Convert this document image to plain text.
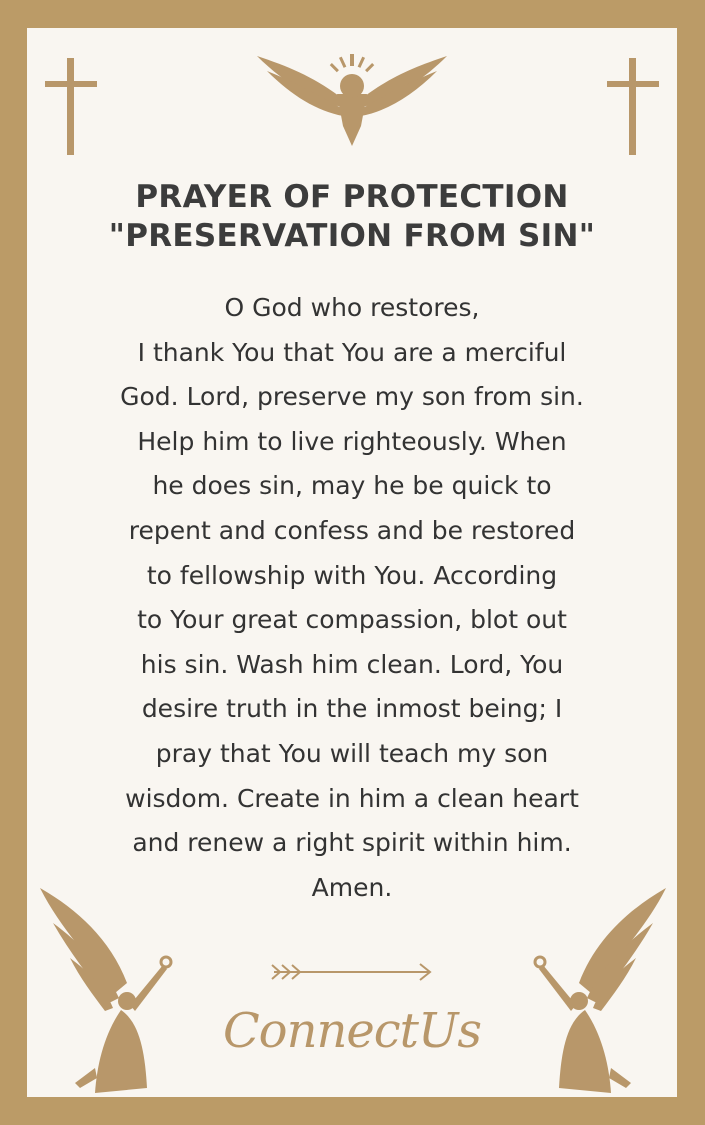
PRAYER OF PROTECTION
"PRESERVATION FROM SIN"
O God who restores,
I thank You that You are a merciful
God. Lord, preserve my son from sin.
Help him to live righteously. When
he does sin, may he be quick to
repent and confess and be restored
to fellowship with You. According
to Your great compassion, blot out
his sin. Wash him clean. Lord, You
desire truth in the inmost being; I
pray that You will teach my son
wisdom. Create in him a clean heart
and renew a right spirit within him.
Amen.
ConnectUs
